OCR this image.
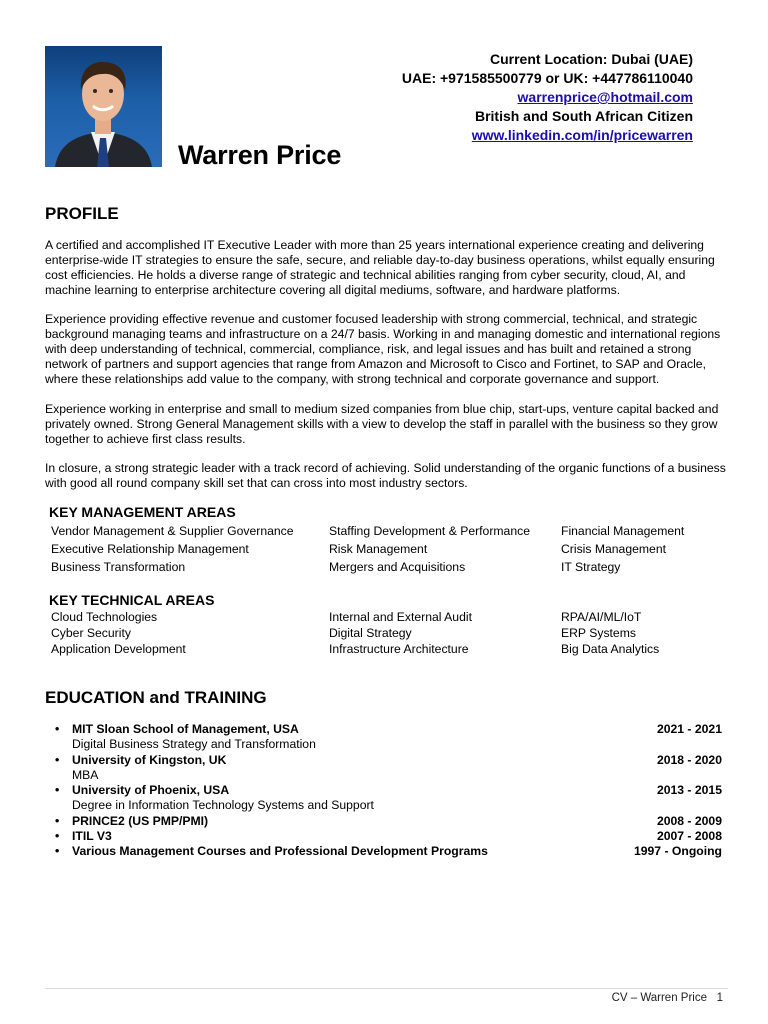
Warren Price
Current Location: Dubai (UAE)
UAE: +971585500779 or UK: +447786110040
warrenprice@hotmail.com
British and South African Citizen
www.linkedin.com/in/pricewarren
PROFILE

A certified and accomplished IT Executive Leader with more than 25 years international experience creating and delivering enterprise-wide IT strategies to ensure the safe, secure, and reliable day-to-day business operations, whilst equally ensuring cost efficiencies. He holds a diverse range of strategic and technical abilities ranging from cyber security, cloud, AI, and machine learning to enterprise architecture covering all digital mediums, software, and hardware platforms.

Experience providing effective revenue and customer focused leadership with strong commercial, technical, and strategic background managing teams and infrastructure on a 24/7 basis. Working in and managing domestic and international regions with deep understanding of technical, commercial, compliance, risk, and legal issues and has built and retained a strong network of partners and support agencies that range from Amazon and Microsoft to Cisco and Fortinet, to SAP and Oracle, where these relationships add value to the company, with strong technical and corporate governance and support.

Experience working in enterprise and small to medium sized companies from blue chip, start-ups, venture capital backed and privately owned. Strong General Management skills with a view to develop the staff in parallel with the business so they grow together to achieve first class results.

In closure, a strong strategic leader with a track record of achieving. Solid understanding of the organic functions of a business with good all round company skill set that can cross into most industry sectors.

KEY MANAGEMENT AREAS
Vendor Management & Supplier Governance	Staffing Development & Performance	Financial Management
Executive Relationship Management	Risk Management	Crisis Management
Business Transformation	Mergers and Acquisitions	IT Strategy
KEY TECHNICAL AREAS
Cloud Technologies	Internal and External Audit	RPA/AI/ML/IoT
Cyber Security	Digital Strategy	ERP Systems
Application Development	Infrastructure Architecture	Big Data Analytics
EDUCATION and TRAINING
• MIT Sloan School of Management, USA	2021 - 2021
Digital Business Strategy and Transformation
• University of Kingston, UK	2018 - 2020
MBA
• University of Phoenix, USA	2013 - 2015
Degree in Information Technology Systems and Support
• PRINCE2 (US PMP/PMI)	2008 - 2009
• ITIL V3	2007 - 2008
• Various Management Courses and Professional Development Programs	1997 - Ongoing
CV – Warren Price 1
